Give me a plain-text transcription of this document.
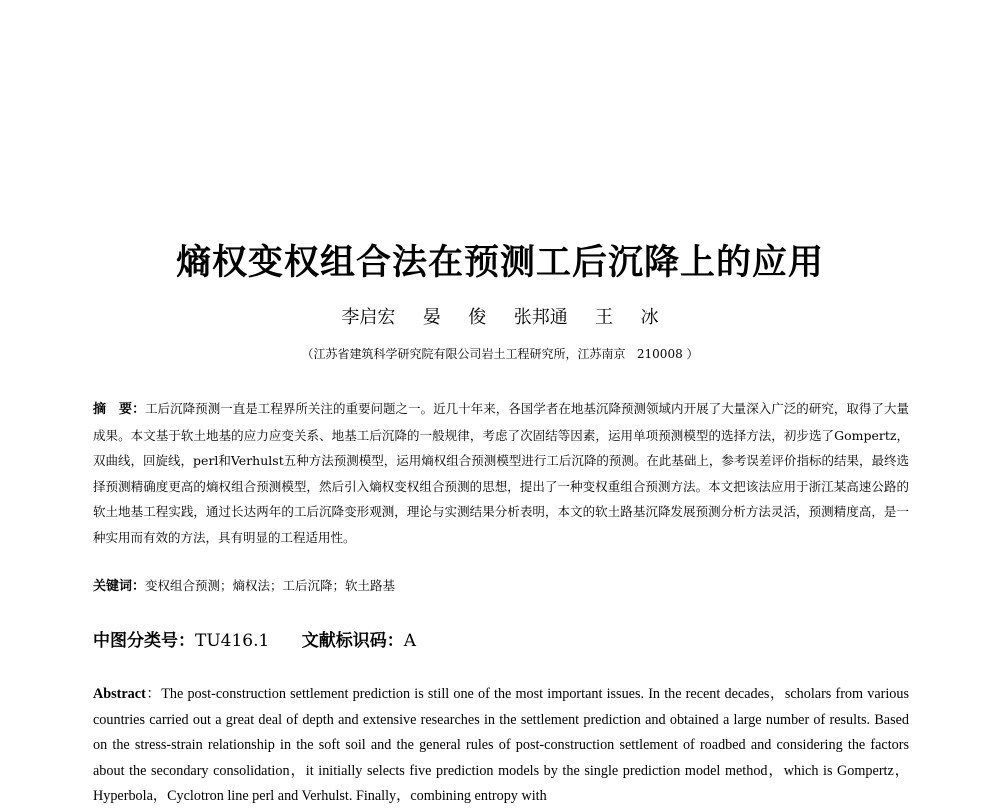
熵权变权组合法在预测工后沉降上的应用
李启宏  晏  俊  张邦通  王  冰
（江苏省建筑科学研究院有限公司岩土工程研究所，江苏南京   210008 ）
摘　要：工后沉降预测一直是工程界所关注的重要问题之一。近几十年来，各国学者在地基沉降预测领域内开展了大量深入广泛的研究，取得了大量成果。本文基于软土地基的应力应变关系、地基工后沉降的一般规律，考虑了次固结等因素，运用单项预测模型的选择方法，初步选了Gompertz，双曲线，回旋线，perl和Verhulst五种方法预测模型，运用熵权组合预测模型进行工后沉降的预测。在此基础上，参考误差评价指标的结果，最终选择预测精确度更高的熵权组合预测模型，然后引入熵权变权组合预测的思想，提出了一种变权重组合预测方法。本文把该法应用于浙江某高速公路的软土地基工程实践，通过长达两年的工后沉降变形观测，理论与实测结果分析表明，本文的软土路基沉降发展预测分析方法灵活，预测精度高，是一种实用而有效的方法，具有明显的工程适用性。
关键词：变权组合预测；熵权法；工后沉降；软土路基
中图分类号：TU416.1 文献标识码：A
Abstract：The post-construction settlement prediction is still one of the most important issues. In the recent decades，scholars from various countries carried out a great deal of depth and extensive researches in the settlement prediction and obtained a large number of results. Based on the stress-strain relationship in the soft soil and the general rules of post-construction settlement of roadbed and considering the factors about the secondary consolidation，it initially selects five prediction models by the single prediction model method，which is Gompertz，Hyperbola，Cyclotron line perl and Verhulst. Finally，combining entropy with
